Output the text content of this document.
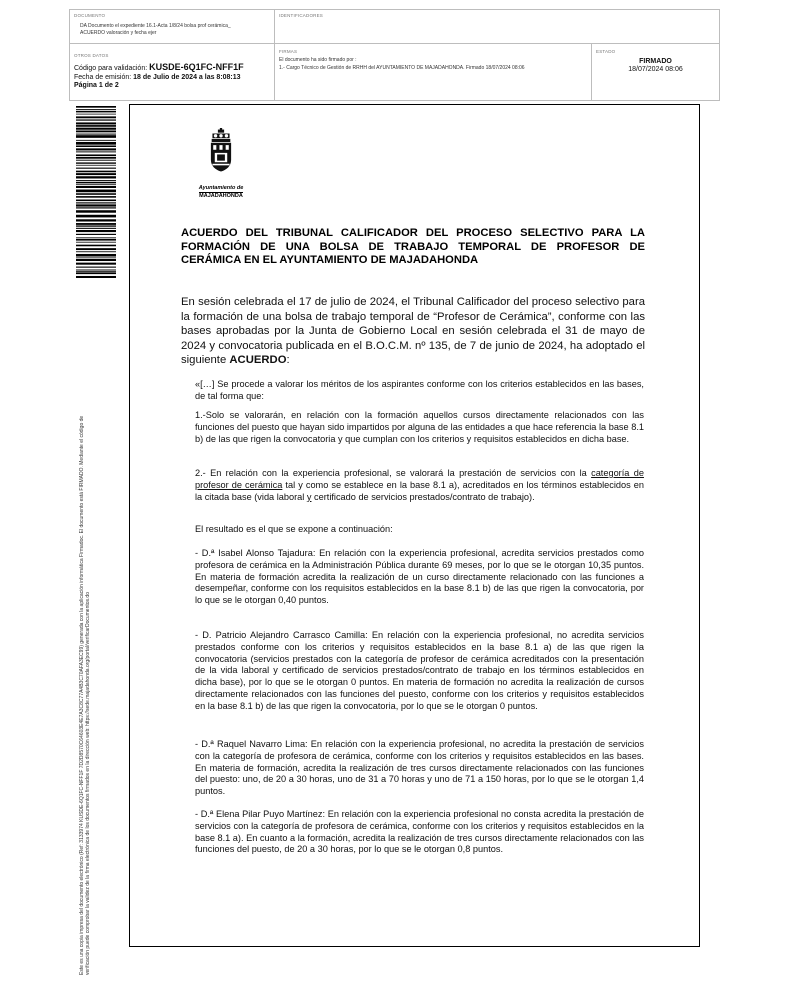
DOCUMENTO
DA Documento el expediente 16.1-Acta 1/8/24 bolsa prof cerámica_ ACUERDO valoración y fecha ejer
IDENTIFICADORES
OTROS DATOS
Código para validación: KUSDE-6Q1FC-NFF1F
Fecha de emisión: 18 de Julio de 2024 a las 8:08:13
Página 1 de 2
FIRMAS
El documento ha sido firmado por :
1.- Cargo Técnico de Gestión de RRHH del AYUNTAMIENTO DE MAJADAHONDA. Firmado 18/07/2024 08:06
ESTADO
FIRMADO
18/07/2024 08:06
Este es una copia impresa del documento electrónico (Ref: 3133974 KUSDE-6Q1FC-NFF1F 7D2D8570C64603E4E7A3C8C77A4B3C70AFA3EC99) generada con la aplicación informática Firmadoc. El documento está FIRMADO. Mediante el código de verificación puede comprobar la validez de la firma electrónica de los documentos firmados en la dirección web: https://sede.majadahonda.org/portal/verificarDocumentos.do
Ayuntamiento de
MAJADAHONDA
ACUERDO DEL TRIBUNAL CALIFICADOR DEL PROCESO SELECTIVO PARA LA FORMACIÓN DE UNA BOLSA DE TRABAJO TEMPORAL DE PROFESOR DE CERÁMICA EN EL AYUNTAMIENTO DE MAJADAHONDA
En sesión celebrada el 17 de julio de 2024, el Tribunal Calificador del proceso selectivo para la formación de una bolsa de trabajo temporal de “Profesor de Cerámica”, conforme con las bases aprobadas por la Junta de Gobierno Local en sesión celebrada el 31 de mayo de 2024 y convocatoria publicada en el B.O.C.M. nº 135, de 7 de junio de 2024, ha adoptado el siguiente ACUERDO:
«[…] Se procede a valorar los méritos de los aspirantes conforme con los criterios establecidos en las bases, de tal forma que:
1.-Solo se valorarán, en relación con la formación aquellos cursos directamente relacionados con las funciones del puesto que hayan sido impartidos por alguna de las entidades a que hace referencia la base 8.1 b) de las que rigen la convocatoria y que cumplan con los criterios y requisitos establecidos en dicha base.
2.- En relación con la experiencia profesional, se valorará la prestación de servicios con la categoría de profesor de cerámica tal y como se establece en la base 8.1 a), acreditados en los términos establecidos en la citada base (vida laboral y certificado de servicios prestados/contrato de trabajo).
El resultado es el que se expone a continuación:
- D.ª Isabel Alonso Tajadura: En relación con la experiencia profesional, acredita servicios prestados como profesora de cerámica en la Administración Pública durante 69 meses, por lo que se le otorgan 10,35 puntos. En materia de formación acredita la realización de un curso directamente relacionado con las funciones a desempeñar, conforme con los requisitos establecidos en la base 8.1 b) de las que rigen la convocatoria, por lo que se le otorgan 0,40 puntos.
- D. Patricio Alejandro Carrasco Camilla: En relación con la experiencia profesional, no acredita servicios prestados conforme con los criterios y requisitos establecidos en la base 8.1 a) de las que rigen la convocatoria (servicios prestados con la categoría de profesor de cerámica acreditados con la presentación de la vida laboral y certificado de servicios prestados/contrato de trabajo en los términos establecidos en dicha base), por lo que se le otorgan 0 puntos. En materia de formación no acredita la realización de cursos directamente relacionados con las funciones del puesto, conforme con los criterios y requisitos establecidos en la base 8.1 b) de las que rigen la convocatoria, por lo que se le otorgan 0 puntos.
- D.ª Raquel Navarro Lima: En relación con la experiencia profesional, no acredita la prestación de servicios con la categoría de profesora de cerámica, conforme con los criterios y requisitos establecidos en las bases. En materia de formación, acredita la realización de tres cursos directamente relacionados con las funciones del puesto: uno, de 20 a 30 horas, uno de 31 a 70 horas y uno de 71 a 150 horas, por lo que se le otorgan 1,4 puntos.
- D.ª Elena Pilar Puyo Martínez: En relación con la experiencia profesional no consta acredita la prestación de servicios con la categoría de profesora de cerámica, conforme con los criterios y requisitos establecidos en la base 8.1 a). En cuanto a la formación, acredita la realización de tres cursos directamente relacionados con las funciones del puesto, de 20 a 30 horas, por lo que se le otorgan 0,8 puntos.
